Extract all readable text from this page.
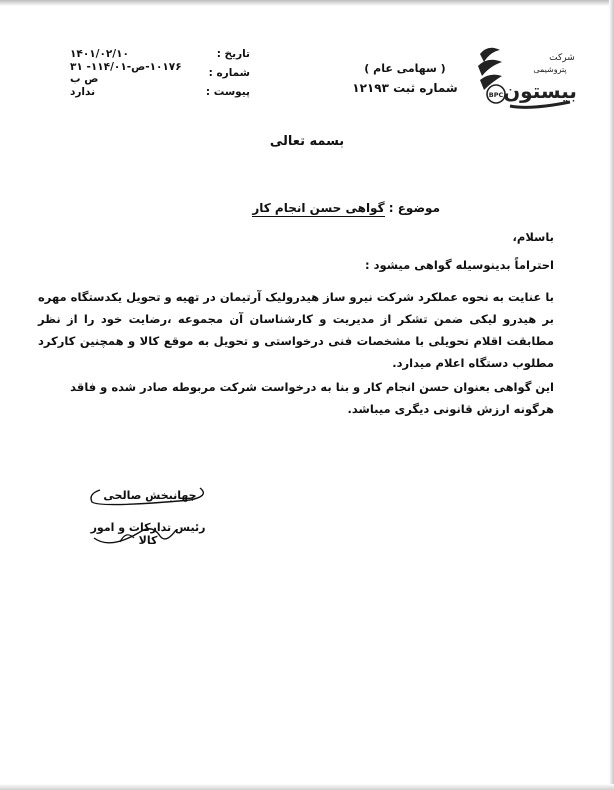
BPC بیستون
شرکت
پتروشیمی
( سهامی عام )
شماره ثبت ۱۲۱۹۳
تاریخ :
۱۴۰۱/۰۲/۱۰
شماره :
۱۰۱۷۶-ص-۱۱۴/۰۱- ۳۱ ص ب
پیوست :
ندارد
بسمه تعالی
موضوع : گواهی حسن انجام کار
باسلام،
احتراماً بدینوسیله گواهی میشود :
با عنایت به نحوه عملکرد شرکت نیرو ساز هیدرولیک آرتیمان در تهیه و تحویل یکدستگاه مهره بر هیدرو لیکی ضمن تشکر از مدیریت و کارشناسان آن مجموعه ،رضایت خود را از نظر مطابقت اقلام تحویلی با مشخصات فنی درخواستی و تحویل به موقع کالا و همچنین کارکرد مطلوب دستگاه اعلام میدارد.
این گواهی بعنوان حسن انجام کار و بنا به درخواست شرکت مربوطه صادر شده و فاقد هرگونه ارزش قانونی دیگری میباشد.
جهانبخش صالحی
رئیس تدارکات و امور کالا
